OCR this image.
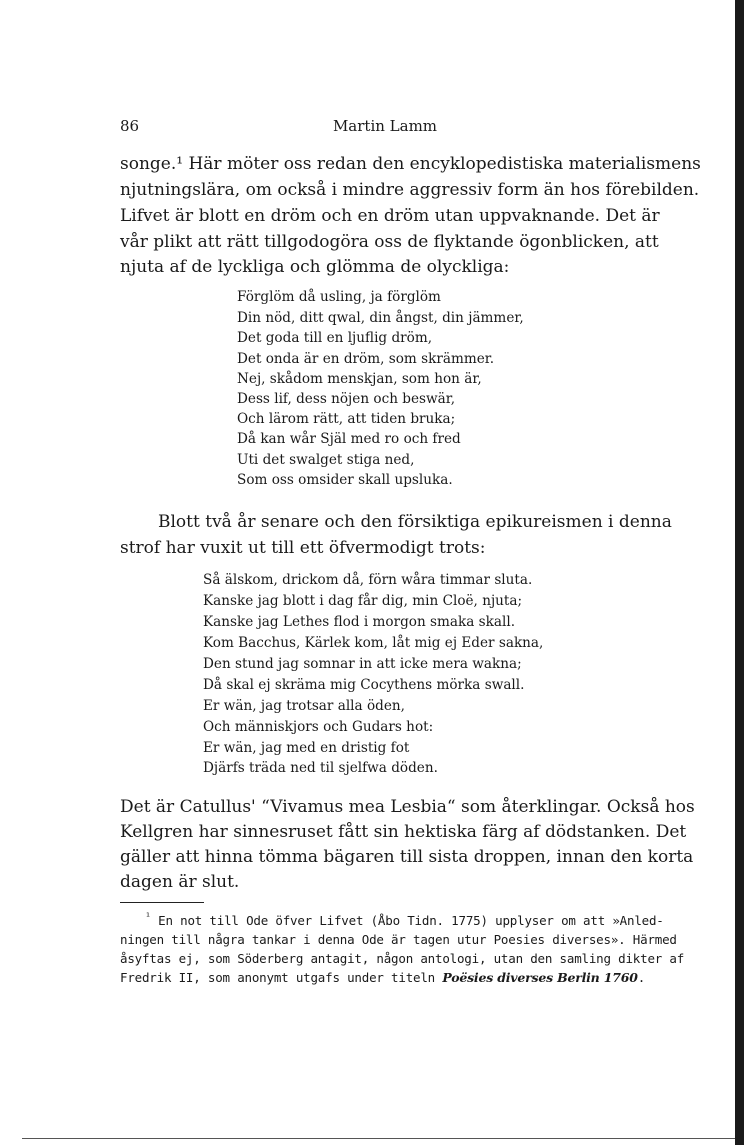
86	Martin Lamm
songe.¹ Här möter oss redan den encyklopedistiska materialismens
njutningslära, om också i mindre aggressiv form än hos förebilden.
Lifvet är blott en dröm och en dröm utan uppvaknande. Det är
vår plikt att rätt tillgodogöra oss de flyktande ögonblicken, att
njuta af de lyckliga och glömma de olyckliga:
Förglöm då usling, ja förglöm
Din nöd, ditt qwal, din ångst, din jämmer,
Det goda till en ljuflig dröm,
Det onda är en dröm, som skrämmer.
Nej, skådom menskjan, som hon är,
Dess lif, dess nöjen och beswär,
Och lärom rätt, att tiden bruka;
Då kan wår Själ med ro och fred
Uti det swalget stiga ned,
Som oss omsider skall upsluka.
Blott två år senare och den försiktiga epikureismen i denna
strof har vuxit ut till ett öfvermodigt trots:
Så älskom, drickom då, förn wåra timmar sluta.
Kanske jag blott i dag får dig, min Cloë, njuta;
Kanske jag Lethes flod i morgon smaka skall.
Kom Bacchus, Kärlek kom, låt mig ej Eder sakna,
Den stund jag somnar in att icke mera wakna;
Då skal ej skräma mig Cocythens mörka swall.
Er wän, jag trotsar alla öden,
Och människjors och Gudars hot:
Er wän, jag med en dristig fot
Djärfs träda ned til sjelfwa döden.
Det är Catullus' “Vivamus mea Lesbia“ som återklingar. Också hos
Kellgren har sinnesruset fått sin hektiska färg af dödstanken. Det
gäller att hinna tömma bägaren till sista droppen, innan den korta
dagen är slut.
$^{^1}$ En not till Ode öfver Lifvet (Åbo Tidn. 1775) upplyser om att »Anled-
ningen till några tankar i denna Ode är tagen utur Poesies diverses». Härmed
åsyftas ej, som Söderberg antagit, någon antologi, utan den samling dikter af
Fredrik II, som anonymt utgafs under titeln Poësies diverses Berlin 1760.
